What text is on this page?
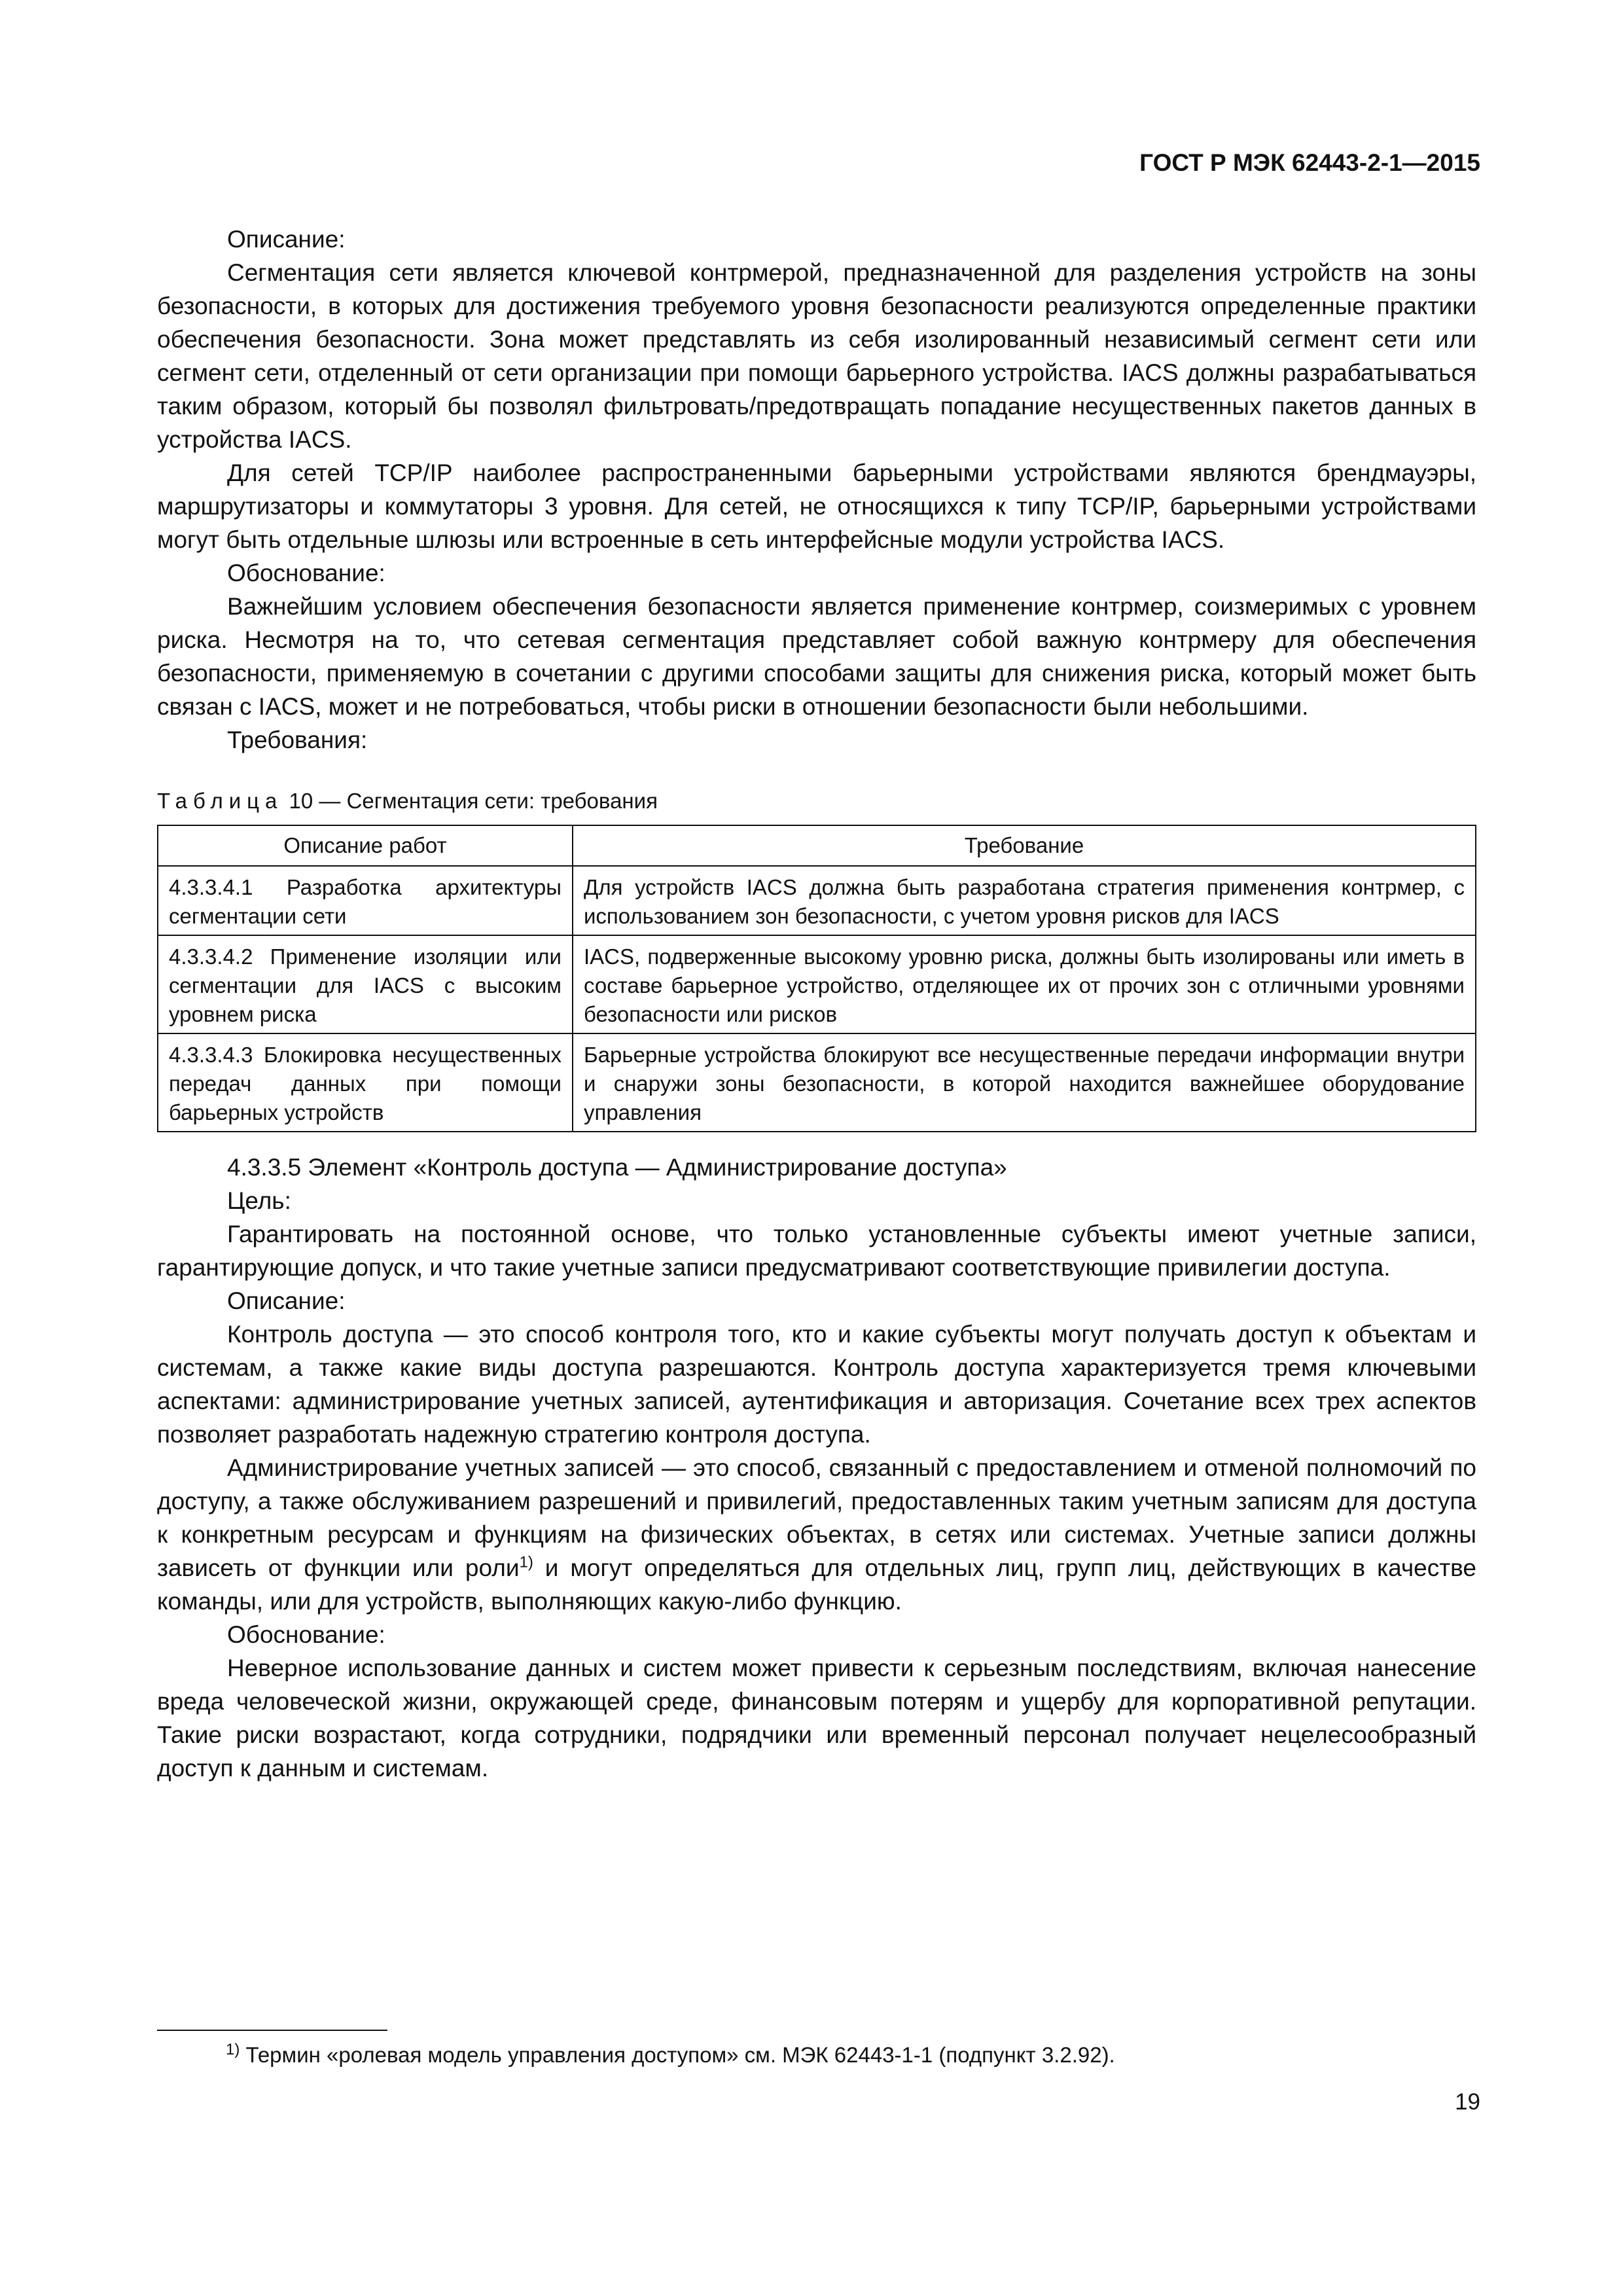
ГОСТ Р МЭК 62443-2-1—2015

Описание:

Сегментация сети является ключевой контрмерой, предназначенной для разделения устройств на зоны безопасности, в которых для достижения требуемого уровня безопасности реализуются определенные практики обеспечения безопасности. Зона может представлять из себя изолированный независимый сегмент сети или сегмент сети, отделенный от сети организации при помощи барьерного устройства. IACS должны разрабатываться таким образом, который бы позволял фильтровать/предотвращать попадание несущественных пакетов данных в устройства IACS.

Для сетей TCP/IP наиболее распространенными барьерными устройствами являются брендмауэры, маршрутизаторы и коммутаторы 3 уровня. Для сетей, не относящихся к типу TCP/IP, барьерными устройствами могут быть отдельные шлюзы или встроенные в сеть интерфейсные модули устройства IACS.

Обоснование:

Важнейшим условием обеспечения безопасности является применение контрмер, соизмеримых с уровнем риска. Несмотря на то, что сетевая сегментация представляет собой важную контрмеру для обеспечения безопасности, применяемую в сочетании с другими способами защиты для снижения риска, который может быть связан с IACS, может и не потребоваться, чтобы риски в отношении безопасности были небольшими.

Требования:

Таблица 10 — Сегментация сети: требования
Описание работ	Требование
4.3.3.4.1 Разработка архитектуры сегментации сети	Для устройств IACS должна быть разработана стратегия применения контрмер, с использованием зон безопасности, с учетом уровня рисков для IACS
4.3.3.4.2 Применение изоляции или сегментации для IACS с высоким уровнем риска	IACS, подверженные высокому уровню риска, должны быть изолированы или иметь в составе барьерное устройство, отделяющее их от прочих зон с отличными уровнями безопасности или рисков
4.3.3.4.3 Блокировка несущественных передач данных при помощи барьерных устройств	Барьерные устройства блокируют все несущественные передачи информации внутри и снаружи зоны безопасности, в которой находится важнейшее оборудование управления

4.3.3.5 Элемент «Контроль доступа — Администрирование доступа»

Цель:

Гарантировать на постоянной основе, что только установленные субъекты имеют учетные записи, гарантирующие допуск, и что такие учетные записи предусматривают соответствующие привилегии доступа.

Описание:

Контроль доступа — это способ контроля того, кто и какие субъекты могут получать доступ к объектам и системам, а также какие виды доступа разрешаются. Контроль доступа характеризуется тремя ключевыми аспектами: администрирование учетных записей, аутентификация и авторизация. Сочетание всех трех аспектов позволяет разработать надежную стратегию контроля доступа.

Администрирование учетных записей — это способ, связанный с предоставлением и отменой полномочий по доступу, а также обслуживанием разрешений и привилегий, предоставленных таким учетным записям для доступа к конкретным ресурсам и функциям на физических объектах, в сетях или системах. Учетные записи должны зависеть от функции или роли$^{1)}$ и могут определяться для отдельных лиц, групп лиц, действующих в качестве команды, или для устройств, выполняющих какую-либо функцию.

Обоснование:

Неверное использование данных и систем может привести к серьезным последствиям, включая нанесение вреда человеческой жизни, окружающей среде, финансовым потерям и ущербу для корпоративной репутации. Такие риски возрастают, когда сотрудники, подрядчики или временный персонал получает нецелесообразный доступ к данным и системам.

$^{1)}$ Термин «ролевая модель управления доступом» см. МЭК 62443-1-1 (подпункт 3.2.92).
19
